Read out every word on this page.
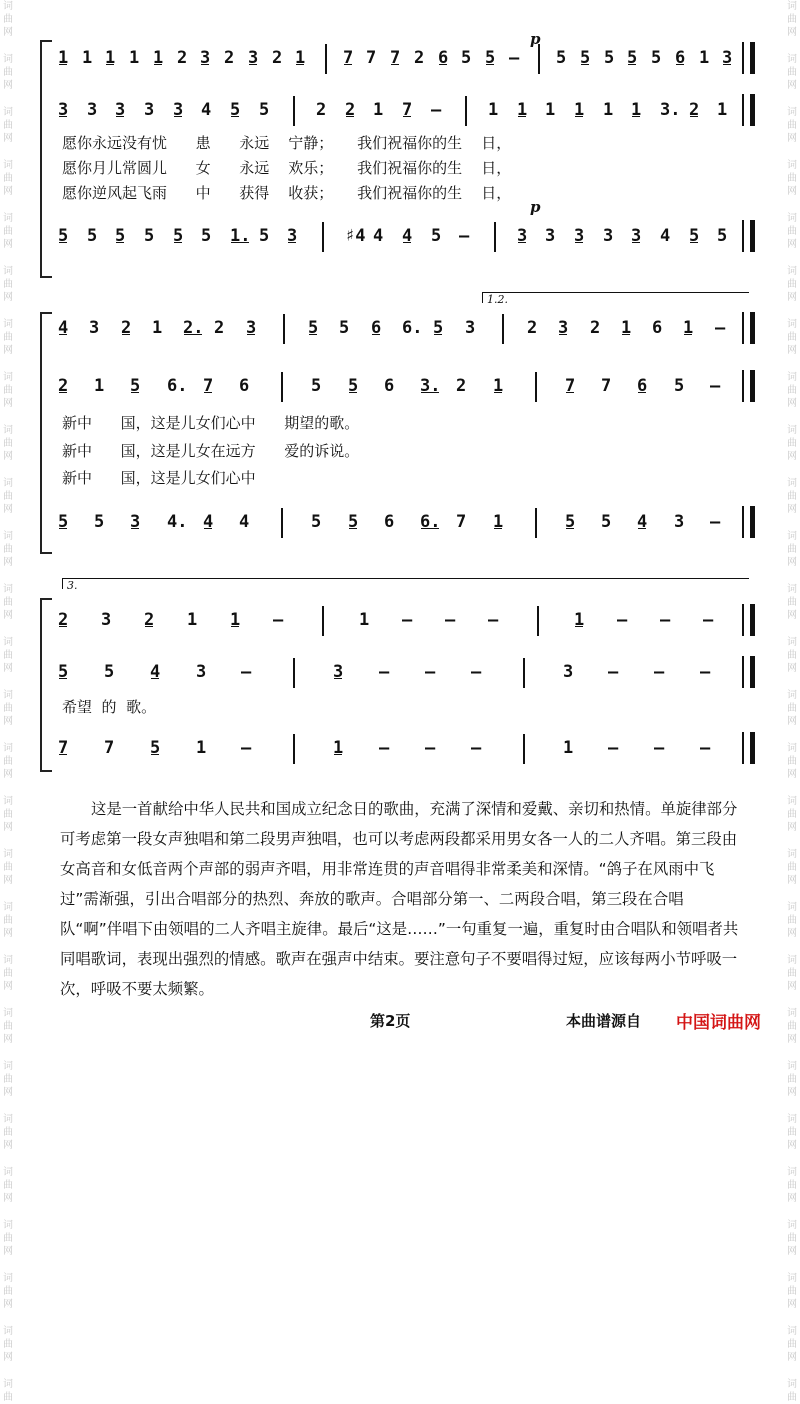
词
曲
网
词
曲
网
词
曲
网
词
曲
网
词
曲
网
词
曲
网
词
曲
网
词
曲
网
词
曲
网
词
曲
网
词
曲
网
词
曲
网
词
曲
网
词
曲
网
词
曲
网
词
曲
网
词
曲
网
词
曲
网
词
曲
网
词
曲
网
词
曲
网
词
曲
网
词
曲
网
词
曲
网
词
曲
网
词
曲
网
词
曲
词
曲
网
词
曲
网
词
曲
网
词
曲
网
词
曲
网
词
曲
网
词
曲
网
词
曲
网
词
曲
网
词
曲
网
词
曲
网
词
曲
网
词
曲
网
词
曲
网
词
曲
网
词
曲
网
词
曲
网
词
曲
网
词
曲
网
词
曲
网
词
曲
网
词
曲
网
词
曲
网
词
曲
网
词
曲
网
词
曲
网
词
曲
p
p
1 1 1 1 1 2 3 2 3 2 1 7 7 7 2 6 5 5 – 5 5 5 5 5 6 1 3
3 3 3 3 3 4 5 5	2 2 1 7 –	1 1 1 1 1 1 3. 2 1
愿你永远没有忧      患      永远    宁静；     我们祝福你的生    日，
愿你月儿常圆儿      女      永远    欢乐；     我们祝福你的生    日，
愿你逆风起飞雨      中      获得    收获；     我们祝福你的生    日，
5 5 5 5 5 5 1. 5 3	♯4 4 4 5 –	3 3 3 3 3 4 5 5
1.2.
4 3 2 1 2. 2 3	5 5 6 6. 5 3	2 3 2 1 6 1 –
2 1 5 6. 7 6	5 5 6 3. 2 1	7 7 6 5 –
新中      国，这是儿女们心中      期望的歌。
新中      国，这是儿女在远方      爱的诉说。
新中      国，这是儿女们心中
5 5 3 4. 4 4	5 5 6 6. 7 1	5 5 4 3 –
3.
2 3 2 1 1 –	1 – – –	1 – – –
5 5 4 3 –	3 – – –	3 – – –
希望  的  歌。
7 7 5 1 –	1 – – –	1 – – –
这是一首献给中华人民共和国成立纪念日的歌曲，充满了深情和爱戴、亲切和热情。单旋律部分可考虑第一段女声独唱和第二段男声独唱，也可以考虑两段都采用男女各一人的二人齐唱。第三段由女高音和女低音两个声部的弱声齐唱，用非常连贯的声音唱得非常柔美和深情。“鸽子在风雨中飞过”需渐强，引出合唱部分的热烈、奔放的歌声。合唱部分第一、二两段合唱，第三段在合唱队“啊”伴唱下由领唱的二人齐唱主旋律。最后“这是……”一句重复一遍，重复时由合唱队和领唱者共同唱歌词，表现出强烈的情感。歌声在强声中结束。要注意句子不要唱得过短，应该每两小节呼吸一次，呼吸不要太频繁。
第2页	本曲谱源自 中国词曲网
